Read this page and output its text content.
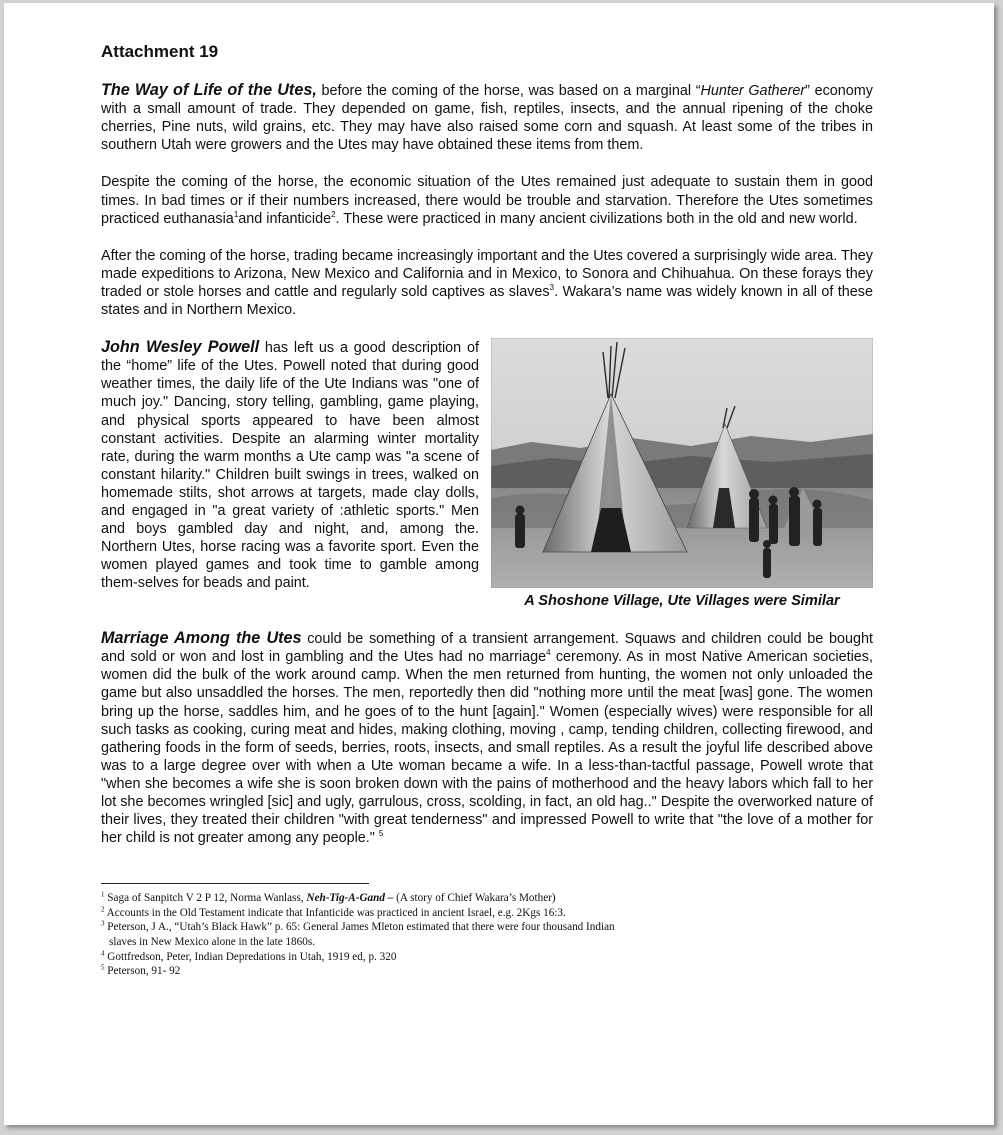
Attachment 19

The Way of Life of the Utes, before the coming of the horse, was based on a marginal “Hunter Gatherer” economy with a small amount of trade. They depended on game, fish, reptiles, insects, and the annual ripening of the choke cherries, Pine nuts, wild grains, etc. They may have also raised some corn and squash. At least some of the tribes in southern Utah were growers and the Utes may have obtained these items from them.

Despite the coming of the horse, the economic situation of the Utes remained just adequate to sustain them in good times. In bad times or if their numbers increased, there would be trouble and starvation. Therefore the Utes sometimes practiced euthanasia$^1$and infanticide$^2$. These were practiced in many ancient civilizations both in the old and new world.

After the coming of the horse, trading became increasingly important and the Utes covered a surprisingly wide area. They made expeditions to Arizona, New Mexico and California and in Mexico, to Sonora and Chihuahua. On these forays they traded or stole horses and cattle and regularly sold captives as slaves$^3$. Wakara’s name was widely known in all of these states and in Northern Mexico.

John Wesley Powell has left us a good description of the “home” life of the Utes. Powell noted that during good weather times, the daily life of the Ute Indians was "one of much joy." Dancing, story telling, gambling, game playing, and physical sports appeared to have been almost constant activities. Despite an alarming winter mortality rate, during the warm months a Ute camp was "a scene of constant hilarity." Children built swings in trees, walked on homemade stilts, shot arrows at targets, made clay dolls, and engaged in "a great variety of :athletic sports." Men and boys gambled day and night, and, among the. Northern Utes, horse racing was a favorite sport. Even the women played games and took time to gamble among them-selves for beads and paint.

A Shoshone Village, Ute Villages were Similar

Marriage Among the Utes could be something of a transient arrangement. Squaws and children could be bought and sold or won and lost in gambling and the Utes had no marriage$^4$ ceremony. As in most Native American societies, women did the bulk of the work around camp. When the men returned from hunting, the women not only unloaded the game but also unsaddled the horses. The men, reportedly then did "nothing more until the meat [was] gone. The women bring up the horse, saddles him, and he goes of to the hunt [again]." Women (especially wives) were responsible for all such tasks as cooking, curing meat and hides, making clothing, moving , camp, tending children, collecting firewood, and gathering foods in the form of seeds, berries, roots, insects, and small reptiles. As a result the joyful life described above was to a large degree over with when a Ute woman became a wife. In a less-than-tactful passage, Powell wrote that "when she becomes a wife she is soon broken down with the pains of motherhood and the heavy labors which fall to her lot she becomes wringled [sic] and ugly, garrulous, cross, scolding, in fact, an old hag.." Despite the overworked nature of their lives, they treated their children "with great tenderness" and impressed Powell to write that "the love of a mother for her child is not greater among any people." $^5$

$^1$ Saga of Sanpitch V 2 P 12, Norma Wanlass, Neh-Tig-A-Gand – (A story of Chief Wakara’s Mother)
$^2$ Accounts in the Old Testament indicate that Infanticide was practiced in ancient Israel, e.g. 2Kgs 16:3.
$^3$ Peterson, J A., “Utah’s Black Hawk” p. 65: General James Mleton estimated that there were four thousand Indian
slaves in New Mexico alone in the late 1860s.
$^4$ Gottfredson, Peter, Indian Depredations in Utah, 1919 ed, p. 320
$^5$ Peterson, 91- 92
